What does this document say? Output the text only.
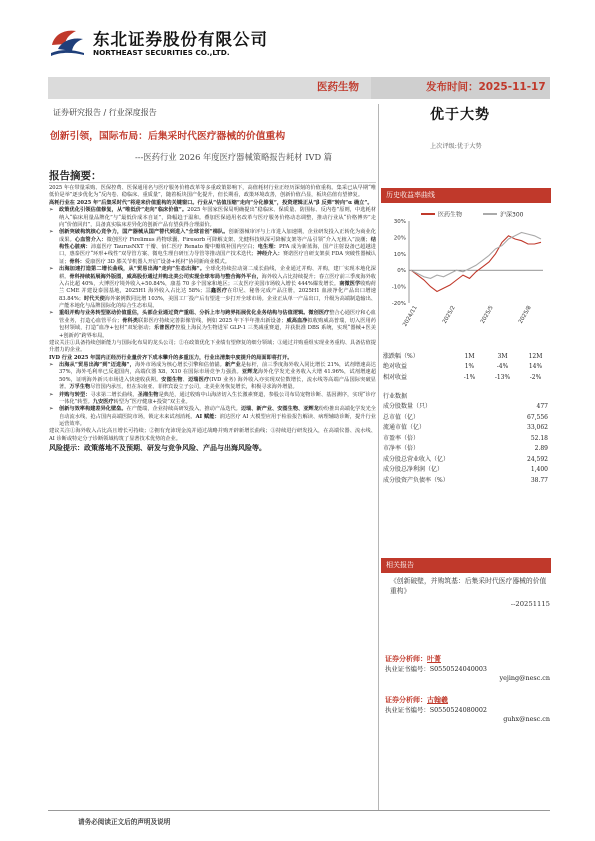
东北证券股份有限公司
NORTHEAST SECURITIES CO.,LTD.
医药生物	发布时间：2025-11-17
证券研究报告 / 行业深度报告
创新引领，国际布局：后集采时代医疗器械的价值重构
---医药行业 2026 年度医疗器械策略报告耗材 IVD 篇
报告摘要：
优于大势
上次评级:优于大势

2025 年在带量采购、医保控费、医保通用名与医疗服务价格改革等多重政策影响下，高值耗材行业正经历深刻的价值重构。集采已从早期“唯低价是举”逐步优化为“反内卷、稳临床、重质量”，随着板块国产化提升，但长期看，政策环境改善，创新价值凸显，板块估值有望修复。

高耗行业在 2025 年“后集采时代”将迎来价值重构的关键窗口。行业从“估值压缩”走向“分化修复”，投资逻辑正从“β 反弹”转向“α 确立”。

➢ 政策优化引领估值修复，从“唯低价”走向“临床价值”。2025 年国家医保局明确提出“稳临床、保质量、防围标、反内卷”原则，中选耗材纳入“临床用量品牌化”与“最低价成本自证”，降幅趋于温和。叠加医保通用名改革与医疗服务价格动态调整，推动行业从“价格博弈”走向“价值回归”，具备真实临床差异化的创新产品有望获得合理溢价。

➢ 创新突破构筑核心竞争力，国产器械从国产替代到进入“全球首创”梯队。创新器械审评与上市进入加速期，企业研发投入正转化为商业化成果。心血管介入：微创医疗 Firelimus 药物球囊、Firesorb 可降解支架、先健科技纵深可降解支架等产品引领“介入无植入”浪潮；结构性心脏病：沛嘉医疗 TaurusNXT 干瓣、佰仁医疗 Renato 瓣中瓣填补国内空白；电生理：PFA 成为新蓝海，国产注射设备已超越进口，惠泰医疗“环形+线性”双导管方案、微电生理自研压力导管等推动国产技术迭代；神经介入：赛诺医疗自研支架获 FDA 突破性器械认证；骨科：爱康医疗 3D 膝关节机器人开启“设备+耗材”协同新商业模式。

➢ 出海加速打造第二增长曲线，从“贸易出海”走向“生态出海”。全球化持续拉动第二成长曲线，企业通过并购、并购，建厂实现本地化深耕。骨科持续拓展海外版图，威高股份通过并购北美公司实现全球布局与整合海外平台，海外收入占比持续提升；春立医疗前三季度海外收入占比超 40%，大博医疗境外收入+50.84%，康基 70 多个国家和地区；三友医疗美国市场收入增长 444%爆发增长。南微医学收购荷兰 CME 并建设泰国基地，2025H1 海外收入占比达 58%；三鑫医疗在印尼、秘鲁完成产品注册，2025H1 血液净化产品出口增速 83.84%；时代天使海外案例数同比增 103%，美国工厂投产后有望进一步打开全球市场。企业正从单一产品出口，升级为高端制造输出、产能本地化与品牌国际化的综合生态布局。

➢ 重组并购与业务转型驱动价值重估，头部企业通过资产重组、分拆上市与跨界拓展优化业务结构与估值逻辑。微创医疗整合心通医疗和心血管业务，打造心血管平台；骨科类联影医疗持续完善影像管线，例如 2025 年下半年推出新设备；威高血净拟收购威高普瑞，切入医用药包材领域，打造“血净+包材”双轮驱动；乐普医疗控股上海民为生物进军 GLP-1 三类减重赛道，并获批准 DBS 系统，实现“器械+医美+创新药”跨界布局。

建议关注①具备持续创新能力与国际化布局的龙头公司；②在政策优化下业绩有望修复的细分领域；③通过并购重组实现业务重构、具备估值提升潜力的企业。

IVD 行业 2025 年国内正经历行业量价齐下成本攀升的多重压力，行业出清集中度提升的局面即将打开。

➢ 出海从“贸易出海”到“迈进海”，海外市场成为核心增长引擎和估值锚。新产业是标杆，前三季度海外收入同比增长 21%，试剂增速高达 37%，海外毛利率已反超国内，高端仪器 X8、X10 在国际市场竞争力强劲。亚辉龙海外化学发光业务收入大增 41.96%，试剂增速超 50%，证明海外新兴市场进入快速收获期。安图生物、迈瑞医疗(IVD 业务) 海外收入亦实现双位数增长，流水线等高端产品国际突破显著。万孚生物尽管国内承压，但在东南亚、菲律宾设立子公司，北美业务恢复增长，积极寻求海外增量。

➢ 并购与转型：寻求第二增长曲线，圣湘生物是典范，通过收购中山海济切入生长激素赛道，参股公司布局宠物诊断、基因测序，实现“诊疗一体化”转型。九安医疗转型为“医疗健康+投资”双主业。

➢ 创新与效率构建差异化壁垒。在产能端，企业持续高研发投入，推动产品迭代。迈瑞、新产业、安图生物、亚辉龙纷纷推出高端化学发光全自动流水线，抢占国内高端医院市场，锁定未来试剂消耗。AI 赋能：润达医疗 AI 大模型应用于检验报告解读、病理辅助诊断，提升行业运营效率。

建议关注①海外收入占比高且增长可持续；②拥有充沛现金流并通过战略并购开辟新增长曲线；③持续进行研发投入，在高端仪器、流水线、AI 诊断或特定分子诊断领域构筑了显著技术优势的企业。

风险提示：政策落地不及预期、研发与竞争风险、产品与出海风险等。

历史收益率曲线
医药生物	沪深300
30%
20%
10%
0%
-10%
-20%
2024/11	2025/2	2025/5	2025/8
涨跌幅（%）	1M	3M	12M
绝对收益	1%	-4%	14%
相对收益	-1%	-13%	-2%
行业数据	
成分股数量（只）	477
总市值（亿）	67,556
流通市值（亿）	33,062
市盈率（倍）	52.18
市净率（倍）	2.89
成分股总营业收入（亿）	24,592
成分股总净利润（亿）	1,400
成分股资产负债率（%）	38.77
相关报告
《创新破壁，并购筑基：后集采时代医疗器械的价值重构》
--20251115
证券分析师：叶菁
执业证书编号：S0550524040003
yejing@nesc.cn
证券分析师：古翰羲
执业证书编号：S0550524080002
guhx@nesc.cn
请务必阅读正文后的声明及说明
